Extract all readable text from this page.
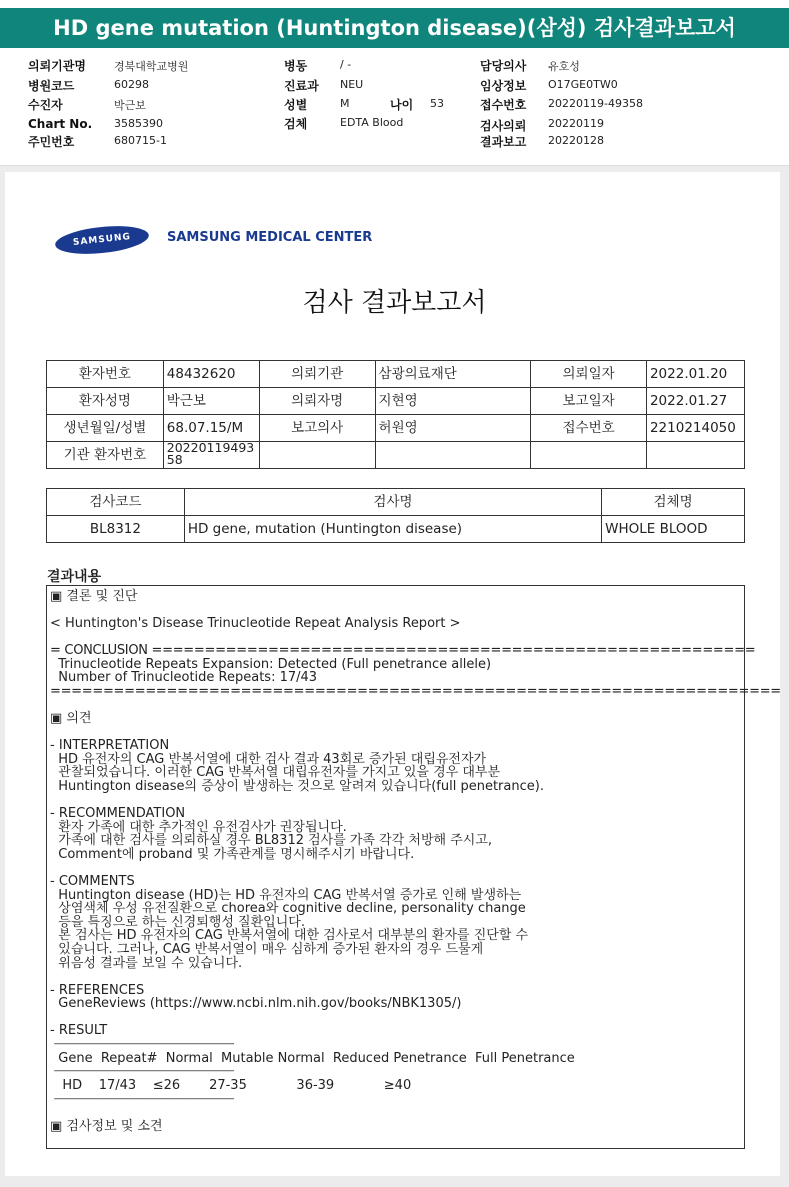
HD gene mutation (Huntington disease)(삼성) 검사결과보고서
의뢰기관명	경북대학교병원
병원코드	60298
수진자	박근보
Chart No. 3585390
주민번호	680715-1
병동	/ -
진료과 NEU
성별	M	나이 53
검체	EDTA Blood
담당의사 유호성
임상정보 O17GE0TW0
접수번호 20220119-49358
검사의뢰 20220119
결과보고 20220128
SAMSUNG	SAMSUNG MEDICAL CENTER
검사 결과보고서
환자번호	48432620	의뢰기관	삼광의료재단	의뢰일자	2022.01.20
환자성명	박근보	의뢰자명	지현영	보고일자	2022.01.27
생년월일/성별	68.07.15/M	보고의사	허원영	접수번호	2210214050
기관 환자번호	20220119493
58				
검사코드	검사명	검체명
BL8312	HD gene, mutation (Huntington disease)	WHOLE BLOOD
결과내용
▣ 결론 및 진단
< Huntington's Disease Trinucleotide Repeat Analysis Report >
= CONCLUSION =========================================================
Trinucleotide Repeats Expansion: Detected (Full penetrance allele)
Number of Trinucleotide Repeats: 17/43
=====================================================================
▣ 의견
- INTERPRETATION
HD 유전자의 CAG 반복서열에 대한 검사 결과 43회로 증가된 대립유전자가
관찰되었습니다. 이러한 CAG 반복서열 대립유전자를 가지고 있을 경우 대부분
Huntington disease의 증상이 발생하는 것으로 알려져 있습니다(full penetrance).
- RECOMMENDATION
환자 가족에 대한 추가적인 유전검사가 권장됩니다.
가족에 대한 검사를 의뢰하실 경우 BL8312 검사를 가족 각각 처방해 주시고,
Comment에 proband 및 가족관계를 명시해주시기 바랍니다.
- COMMENTS
Huntington disease (HD)는 HD 유전자의 CAG 반복서열 증가로 인해 발생하는
상염색체 우성 유전질환으로 chorea와 cognitive decline, personality change
등을 특징으로 하는 신경퇴행성 질환입니다.
본 검사는 HD 유전자의 CAG 반복서열에 대한 검사로서 대부분의 환자를 진단할 수
있습니다. 그러나, CAG 반복서열이 매우 심하게 증가된 환자의 경우 드물게
위음성 결과를 보일 수 있습니다.
- REFERENCES
GeneReviews (https://www.ncbi.nlm.nih.gov/books/NBK1305/)
- RESULT
--------------------------------------------------------------------------------
Gene  Repeat#  Normal  Mutable Normal  Reduced Penetrance  Full Penetrance
--------------------------------------------------------------------------------
HD    17/43    ≤26       27-35            36-39            ≥40
--------------------------------------------------------------------------------
▣ 검사정보 및 소견
